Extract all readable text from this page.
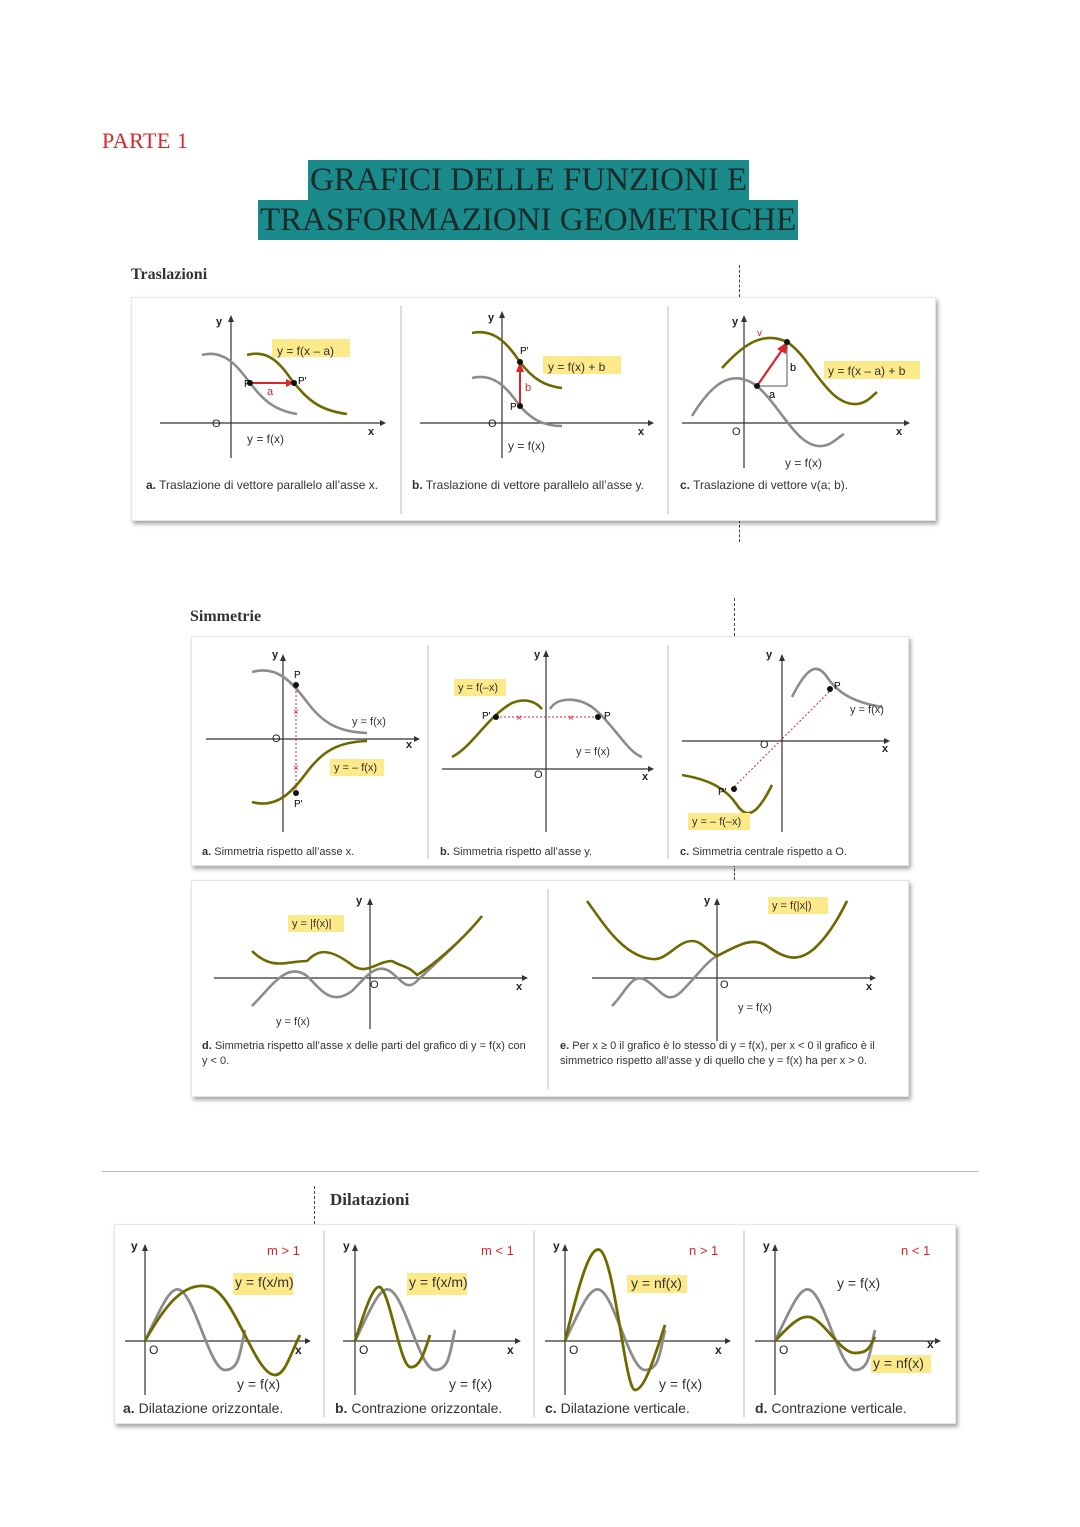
PARTE 1
GRAFICI DELLE FUNZIONI E
TRASFORMAZIONI GEOMETRICHE
Traslazioni
P	P'
a
P
P'
b
b
a
v
O
y
x
y = f(x – a)
y = f(x)
a. Traslazione di vettore parallelo all’asse x.
O
y
x
y = f(x) + b
y = f(x)
b. Traslazione di vettore parallelo all’asse y.
O
y
x
y = f(x – a) + b
y = f(x)
c. Traslazione di vettore v(a; b).
Simmetrie
P
P'
×
×
P'	P
×	×
P
P'
O
y
x
y = f(x)
y = – f(x)
a. Simmetria rispetto all’asse x.
O
y
x
y = f(–x)
y = f(x)
b. Simmetria rispetto all’asse y.
O
y
x
y = f(x)
y = – f(–x)
c. Simmetria centrale rispetto a O.
O
y
x
y = |f(x)|
y = f(x)
d. Simmetria rispetto all’asse x delle parti del grafico di y = f(x) con y < 0.
O
y
x
y = f(|x|)
y = f(x)
e. Per x ≥ 0 il grafico è lo stesso di y = f(x), per x < 0 il grafico è il simmetrico rispetto all’asse y di quello che y = f(x) ha per x > 0.
Dilatazioni
m > 1
O
y
x
y = f(x/m)
y = f(x)
a. Dilatazione orizzontale.
m < 1
O
y
x
y = f(x/m)
y = f(x)
b. Contrazione orizzontale.
n > 1
O
y
x
y = nf(x)
y = f(x)
c. Dilatazione verticale.
n < 1
O
y
x
y = f(x)
y = nf(x)
d. Contrazione verticale.
